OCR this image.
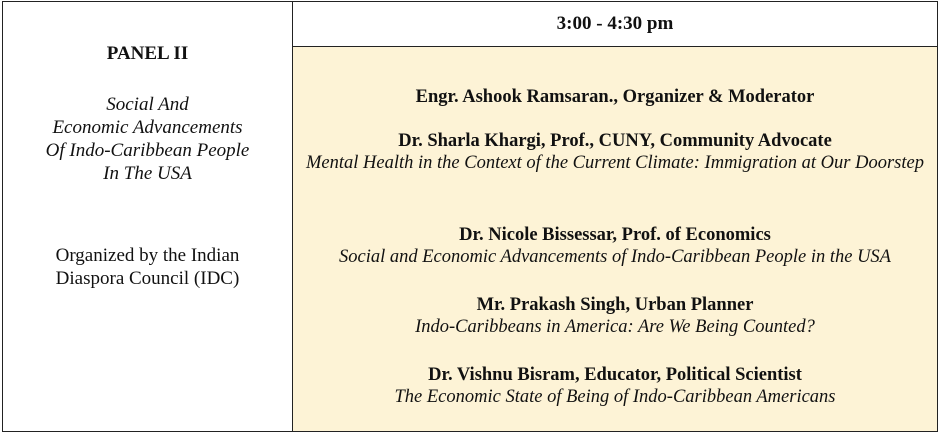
PANEL II
Social And
Economic Advancements
Of Indo-Caribbean People
In The USA
Organized by the Indian
Diaspora Council (IDC)
3:00 - 4:30 pm
Engr. Ashook Ramsaran., Organizer & Moderator
Dr. Sharla Khargi, Prof., CUNY, Community Advocate
Mental Health in the Context of the Current Climate: Immigration at Our Doorstep
Dr. Nicole Bissessar, Prof. of Economics
Social and Economic Advancements of Indo-Caribbean People in the USA
Mr. Prakash Singh, Urban Planner
Indo-Caribbeans in America: Are We Being Counted?
Dr. Vishnu Bisram, Educator, Political Scientist
The Economic State of Being of Indo-Caribbean Americans
